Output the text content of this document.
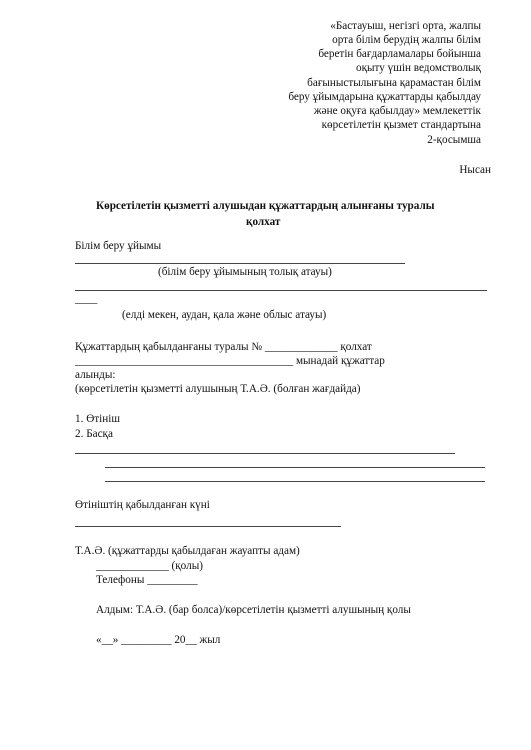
«Бастауыш, негізгі орта, жалпы
орта білім берудің жалпы білім
беретін бағдарламалары бойынша
оқыту үшін ведомстволық
бағыныстылығына қарамастан білім
беру ұйымдарына құжаттарды қабылдау
және оқуға қабылдау» мемлекеттік
көрсетілетін қызмет стандартына
2-қосымша
Нысан
Көрсетілетін қызметті алушыдан құжаттардың алынғаны туралы
қолхат
Білім беру ұйымы
(білім беру ұйымының толық атауы)
____
(елді мекен, аудан, қала және облыс атауы)
Құжаттардың қабылданғаны туралы № _____________ қолхат
_______________________________________ мынадай құжаттар
алынды:
(көрсетілетін қызметті алушының Т.А.Ә. (болған жағдайда)
1. Өтініш
2. Басқа
Өтініштің қабылданған күні
Т.А.Ә. (құжаттарды қабылдаған жауапты адам)
_____________ (қолы)
Телефоны _________
Алдым: Т.А.Ә. (бар болса)/көрсетілетін қызметті алушының қолы
«__» _________ 20__ жыл
